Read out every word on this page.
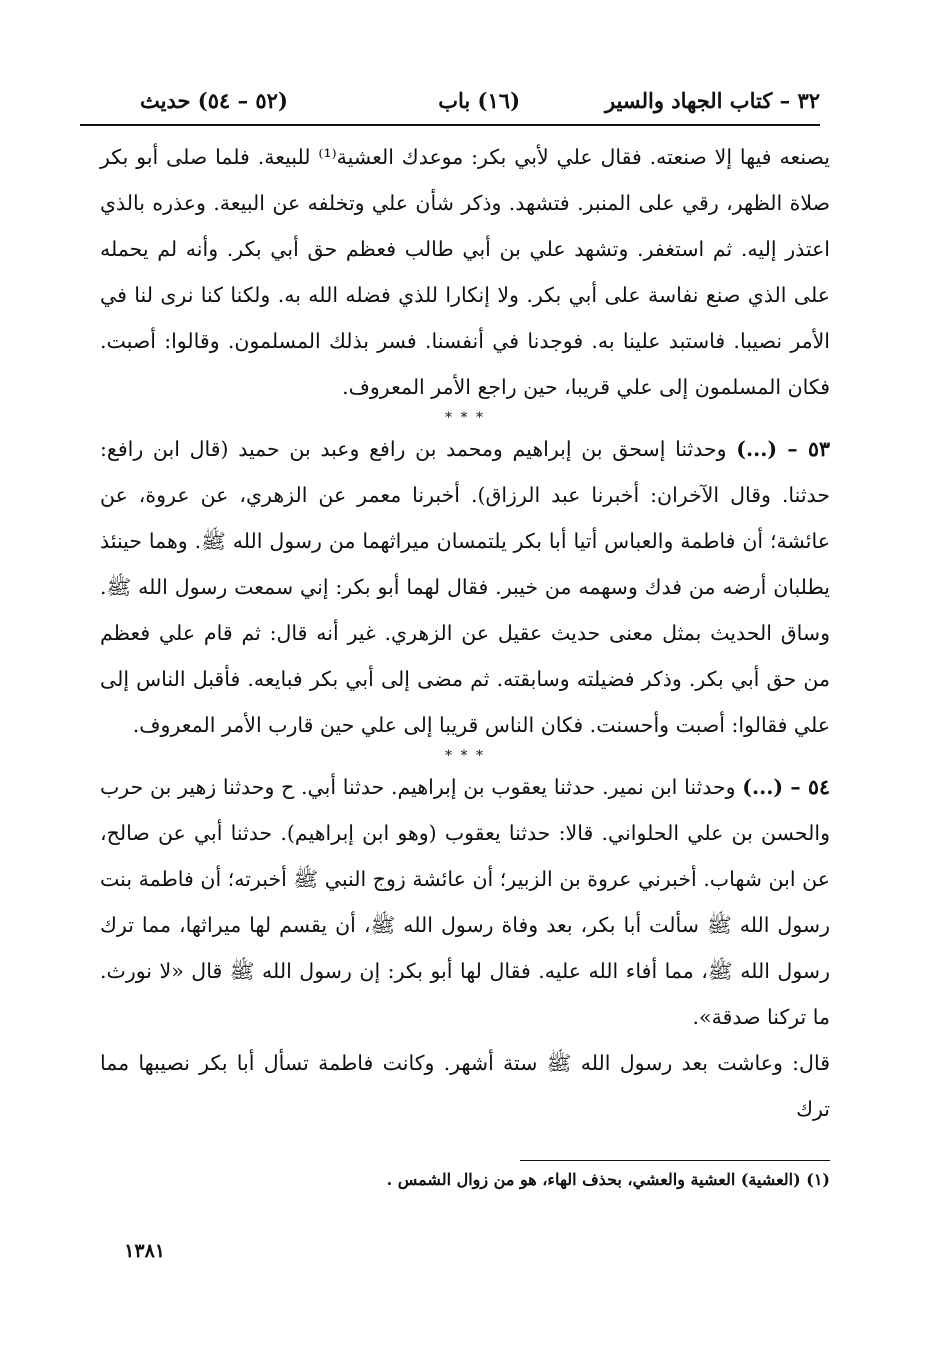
٣٢ – كتاب الجهاد والسير
(١٦) باب
(٥٢ – ٥٤) حديث

يصنعه فيها إلا صنعته. فقال علي لأبي بكر: موعدك العشية⁽¹⁾ للبيعة. فلما صلى أبو بكر صلاة الظهر، رقي على المنبر. فتشهد. وذكر شأن علي وتخلفه عن البيعة. وعذره بالذي اعتذر إليه. ثم استغفر. وتشهد علي بن أبي طالب فعظم حق أبي بكر. وأنه لم يحمله على الذي صنع نفاسة على أبي بكر. ولا إنكارا للذي فضله الله به. ولكنا كنا نرى لنا في الأمر نصيبا. فاستبد علينا به. فوجدنا في أنفسنا. فسر بذلك المسلمون. وقالوا: أصبت. فكان المسلمون إلى علي قريبا، حين راجع الأمر المعروف.

* * *

٥٣ – (...) وحدثنا إسحق بن إبراهيم ومحمد بن رافع وعبد بن حميد (قال ابن رافع: حدثنا. وقال الآخران: أخبرنا عبد الرزاق). أخبرنا معمر عن الزهري، عن عروة، عن عائشة؛ أن فاطمة والعباس أتيا أبا بكر يلتمسان ميراثهما من رسول الله ﷺ. وهما حينئذ يطلبان أرضه من فدك وسهمه من خيبر. فقال لهما أبو بكر: إني سمعت رسول الله ﷺ. وساق الحديث بمثل معنى حديث عقيل عن الزهري. غير أنه قال: ثم قام علي فعظم من حق أبي بكر. وذكر فضيلته وسابقته. ثم مضى إلى أبي بكر فبايعه. فأقبل الناس إلى علي فقالوا: أصبت وأحسنت. فكان الناس قريبا إلى علي حين قارب الأمر المعروف.

* * *

٥٤ – (...) وحدثنا ابن نمير. حدثنا يعقوب بن إبراهيم. حدثنا أبي. ح وحدثنا زهير بن حرب والحسن بن علي الحلواني. قالا: حدثنا يعقوب (وهو ابن إبراهيم). حدثنا أبي عن صالح، عن ابن شهاب. أخبرني عروة بن الزبير؛ أن عائشة زوج النبي ﷺ أخبرته؛ أن فاطمة بنت رسول الله ﷺ سألت أبا بكر، بعد وفاة رسول الله ﷺ، أن يقسم لها ميراثها، مما ترك رسول الله ﷺ، مما أفاء الله عليه. فقال لها أبو بكر: إن رسول الله ﷺ قال «لا نورث. ما تركنا صدقة».

قال: وعاشت بعد رسول الله ﷺ ستة أشهر. وكانت فاطمة تسأل أبا بكر نصيبها مما ترك

(١) (العشية) العشية والعشي، بحذف الهاء، هو من زوال الشمس .
١٣٨١
